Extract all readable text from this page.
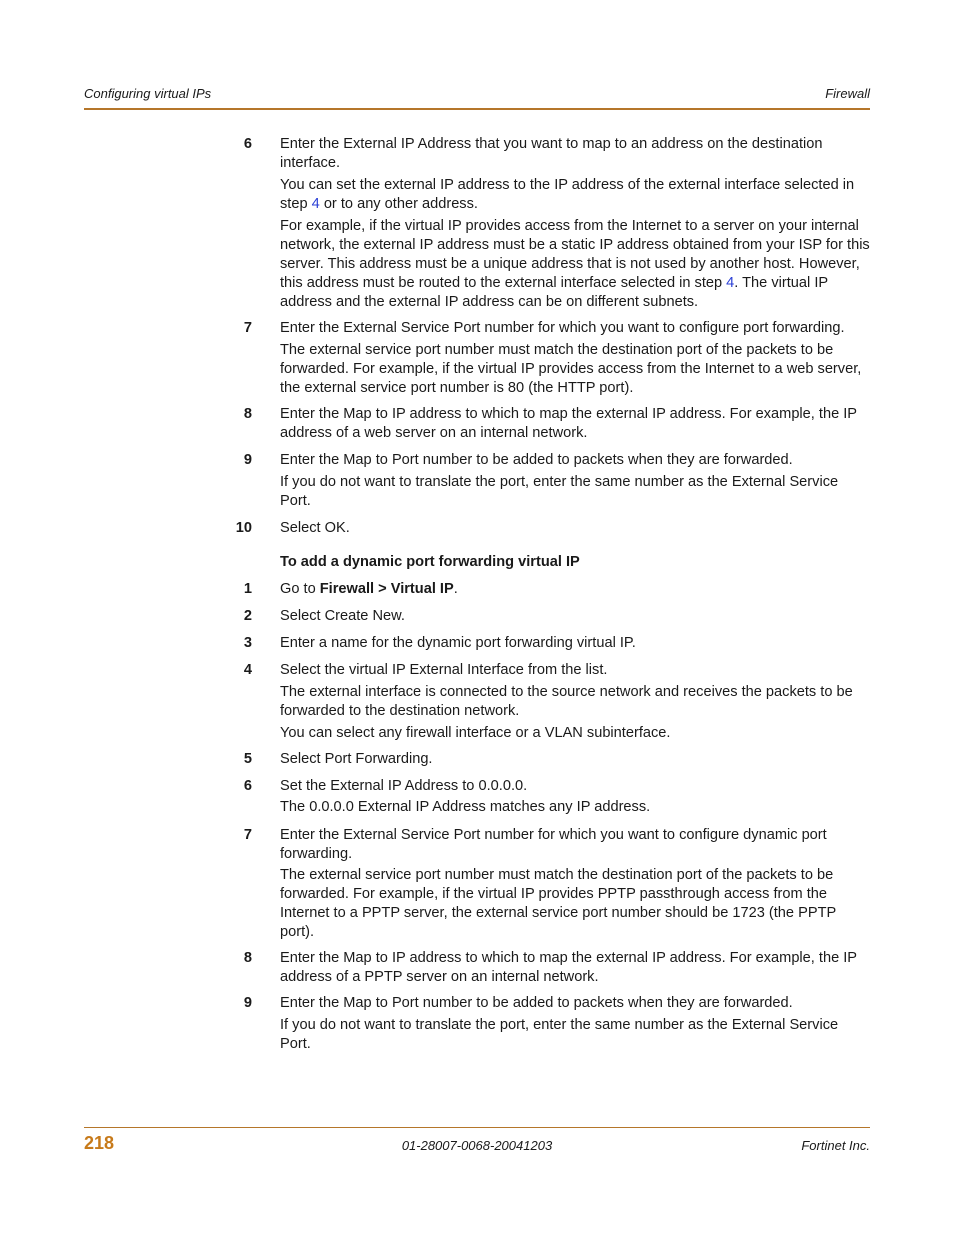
Configuring virtual IPs	Firewall
6 Enter the External IP Address that you want to map to an address on the destination interface.
You can set the external IP address to the IP address of the external interface selected in step 4 or to any other address.
For example, if the virtual IP provides access from the Internet to a server on your internal network, the external IP address must be a static IP address obtained from your ISP for this server. This address must be a unique address that is not used by another host. However, this address must be routed to the external interface selected in step 4. The virtual IP address and the external IP address can be on different subnets.
7 Enter the External Service Port number for which you want to configure port forwarding.
The external service port number must match the destination port of the packets to be forwarded. For example, if the virtual IP provides access from the Internet to a web server, the external service port number is 80 (the HTTP port).
8 Enter the Map to IP address to which to map the external IP address. For example, the IP address of a web server on an internal network.
9 Enter the Map to Port number to be added to packets when they are forwarded.
If you do not want to translate the port, enter the same number as the External Service Port.
10 Select OK.
To add a dynamic port forwarding virtual IP
1 Go to Firewall > Virtual IP.
2 Select Create New.
3 Enter a name for the dynamic port forwarding virtual IP.
4 Select the virtual IP External Interface from the list.
The external interface is connected to the source network and receives the packets to be forwarded to the destination network.
You can select any firewall interface or a VLAN subinterface.
5 Select Port Forwarding.
6 Set the External IP Address to 0.0.0.0.
The 0.0.0.0 External IP Address matches any IP address.
7 Enter the External Service Port number for which you want to configure dynamic port forwarding.
The external service port number must match the destination port of the packets to be forwarded. For example, if the virtual IP provides PPTP passthrough access from the Internet to a PPTP server, the external service port number should be 1723 (the PPTP port).
8 Enter the Map to IP address to which to map the external IP address. For example, the IP address of a PPTP server on an internal network.
9 Enter the Map to Port number to be added to packets when they are forwarded.
If you do not want to translate the port, enter the same number as the External Service Port.
218	01-28007-0068-20041203	Fortinet Inc.
